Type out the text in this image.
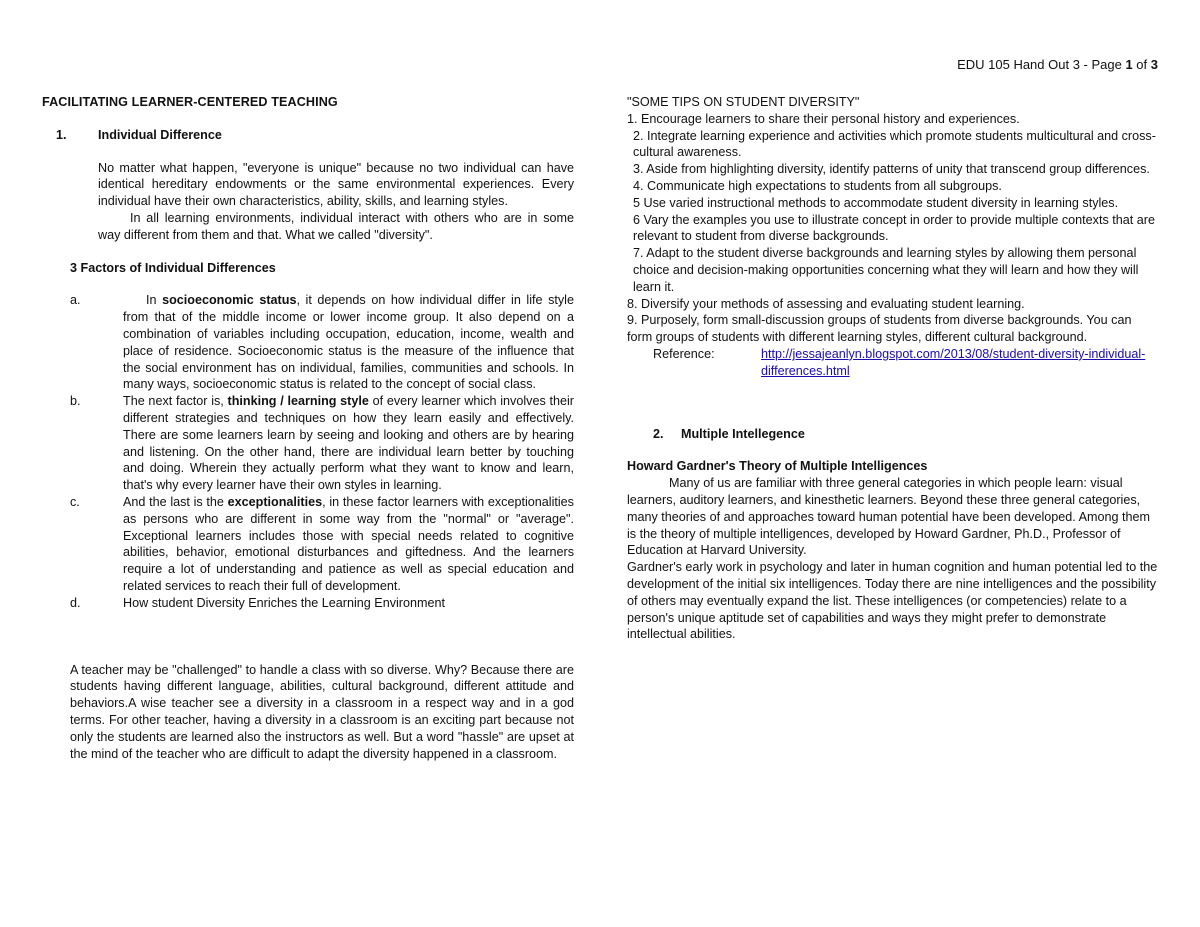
EDU 105 Hand Out 3 - Page 1 of 3
FACILITATING LEARNER-CENTERED TEACHING
1.	Individual Difference
No matter what happen, "everyone is unique" because no two individual can have identical hereditary endowments or the same environmental experiences. Every individual have their own characteristics, ability, skills, and learning styles.
In all learning environments, individual interact with others who are in some way different from them and that. What we called "diversity".
3 Factors of Individual Differences
a.	In socioeconomic status, it depends on how individual differ in life style from that of the middle income or lower income group. It also depend on a combination of variables including occupation, education, income, wealth and place of residence. Socioeconomic status is the measure of the influence that the social environment has on individual, families, communities and schools. In many ways, socioeconomic status is related to the concept of social class.
b.	The next factor is, thinking / learning style of every learner which involves their different strategies and techniques on how they learn easily and effectively. There are some learners learn by seeing and looking and others are by hearing and listening. On the other hand, there are individual learn better by touching and doing. Wherein they actually perform what they want to know and learn, that's why every learner have their own styles in learning.
c.	And the last is the exceptionalities, in these factor learners with exceptionalities as persons who are different in some way from the "normal" or "average". Exceptional learners includes those with special needs related to cognitive abilities, behavior, emotional disturbances and giftedness. And the learners require a lot of understanding and patience as well as special education and related services to reach their full of development.
d.	How student Diversity Enriches the Learning Environment
A teacher may be "challenged" to handle a class with so diverse. Why? Because there are students having different language, abilities, cultural background, different attitude and behaviors.A wise teacher see a diversity in a classroom in a respect way and in a god terms. For other teacher, having a diversity in a classroom is an exciting part because not only the students are learned also the instructors as well. But a word "hassle" are upset at the mind of the teacher who are difficult to adapt the diversity happened in a classroom.
"SOME TIPS ON STUDENT DIVERSITY"
1. Encourage learners to share their personal history and experiences.
2. Integrate learning experience and activities which promote students multicultural and cross- cultural awareness.
3. Aside from highlighting diversity, identify patterns of unity that transcend group differences.
4. Communicate high expectations to students from all subgroups.
5 Use varied instructional methods to accommodate student diversity in learning styles.
6 Vary the examples you use to illustrate concept in order to provide multiple contexts that are relevant to student from diverse backgrounds.
7. Adapt to the student diverse backgrounds and learning styles by allowing them personal choice and decision-making opportunities concerning what they will learn and how they will learn it.
8. Diversify your methods of assessing and evaluating student learning.
9. Purposely, form small-discussion groups of students from diverse backgrounds. You can form groups of students with different learning styles, different cultural background.
Reference:	http://jessajeanlyn.blogspot.com/2013/08/student-diversity-individual-differences.html
2.	Multiple Intellegence
Howard Gardner's Theory of Multiple Intelligences
Many of us are familiar with three general categories in which people learn: visual learners, auditory learners, and kinesthetic learners. Beyond these three general categories, many theories of and approaches toward human potential have been developed. Among them is the theory of multiple intelligences, developed by Howard Gardner, Ph.D., Professor of Education at Harvard University.
Gardner's early work in psychology and later in human cognition and human potential led to the development of the initial six intelligences. Today there are nine intelligences and the possibility of others may eventually expand the list. These intelligences (or competencies) relate to a person's unique aptitude set of capabilities and ways they might prefer to demonstrate intellectual abilities.
